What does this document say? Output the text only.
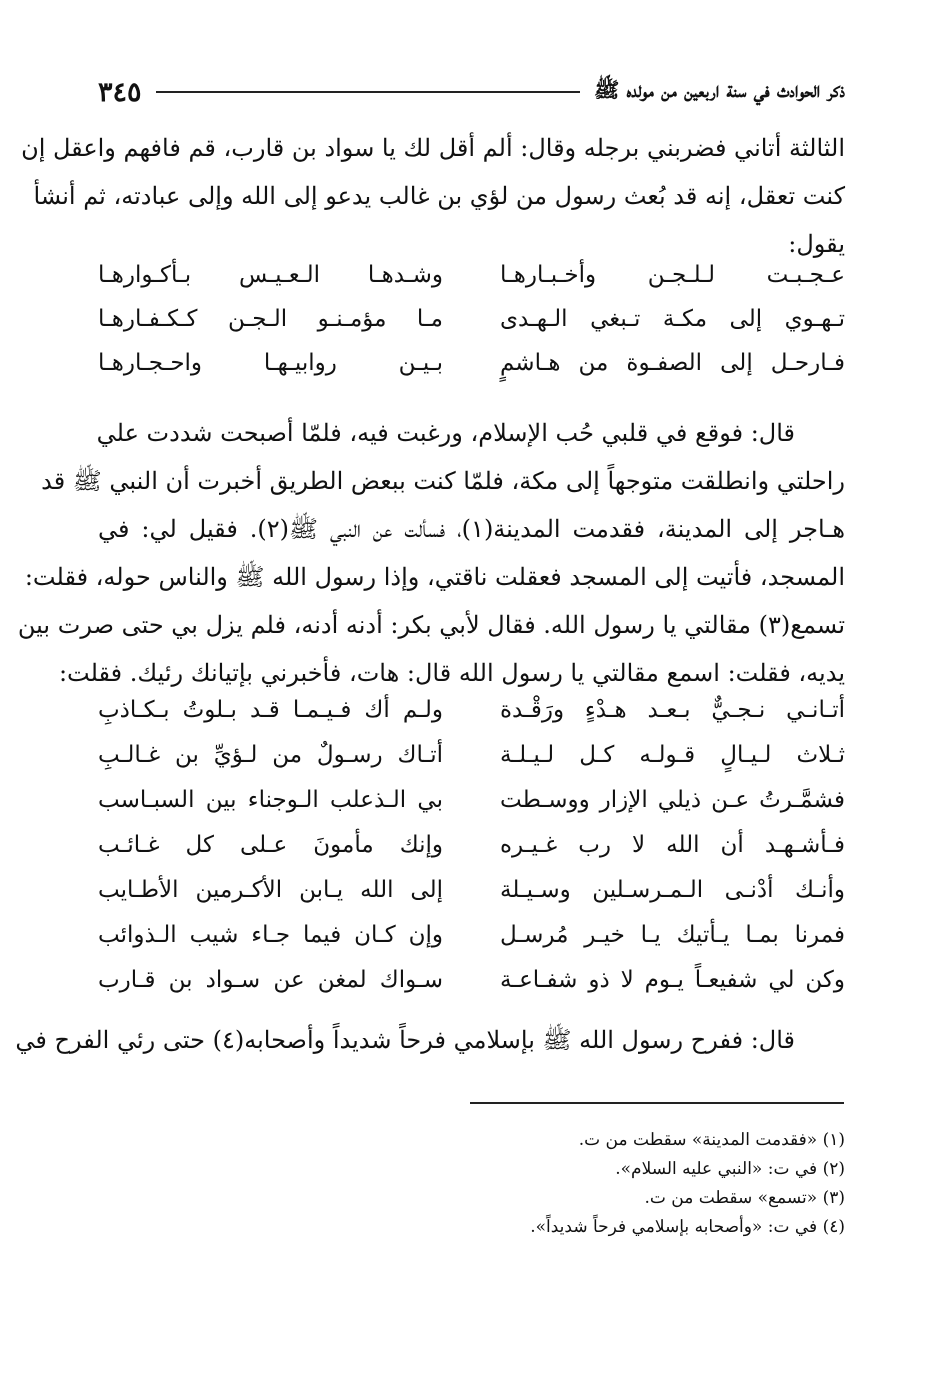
ذكر الحوادث في سنة اربعين من مولده ﷺ
٣٤٥
الثالثة أتاني فضربني برجله وقال: ألم أقل لك يا سواد بن قارب، قم فافهم واعقل إن
كنت تعقل، إنه قد بُعث رسول من لؤي بن غالب يدعو إلى الله وإلى عبادته، ثم أنشأ
يقول:
عـجـبـت لـلـجـن وأخـبـارهـا
وشـدهـا الـعـيـس بـأكـوارهـا
تـهـوي إلى مكـة تـبغي الـهـدى
مـا مؤمـنـو الـجـن كـكـفـارهـا
فـارحـل إلى الصفـوة من هـاشمٍ
بـيـن روابيـهـا واحـجـارهـا
قال: فوقع في قلبي حُب الإسلام، ورغبت فيه، فلمّا أصبحت شددت علي
راحلتي وانطلقت متوجهاً إلى مكة، فلمّا كنت ببعض الطريق أخبرت أن النبي ﷺ قد
هـاجر إلى المدينة، فقدمت المدينة(١)، فسألت عن النبي ﷺ(٢). فقيل لي: في
المسجد، فأتيت إلى المسجد فعقلت ناقتي، وإذا رسول الله ﷺ والناس حوله، فقلت:
تسمع(٣) مقالتي يا رسول الله. فقال لأبي بكر: أدنه أدنه، فلم يزل بي حتى صرت بين
يديه، فقلت: اسمع مقالتي يا رسول الله قال: هات، فأخبرني بإتيانك رئيك. فقلت:
أتـانـي نـجـيٌّ بـعـد هـدْءٍ ورَقْـدة
ولـم أك فـيـمـا قـد بـلوتُ بـكـاذبِ
ثـلاث لـيـالٍ قـولـه كـل لـيـلـة
أتـاك رسـولٌ من لـؤيِّ بن غـالـبِ
فشمَّـرتُ عـن ذيلي الإزار ووسـطت
بي الـذعلب الـوجناء بين السبـاسب
فـأشـهـد أن الله لا رب غـيـره
وإنك مأمونَ عـلى كل غـائـب
وأنـك أدْنـى الـمـرسـلين وسـيـلة
إلى الله يـابن الأكـرمين الأطـايب
فمرنا بمـا يـأتيك يـا خيـر مُرسـل
وإن كـان فيما جـاء شيب الـذوائب
وكن لي شفيعـاً يـوم لا ذو شفـاعـة
سـواك لمغن عن سـواد بن قـارب
قال: ففرح رسول الله ﷺ بإسلامي فرحاً شديداً وأصحابه(٤) حتى رئي الفرح في
(١) «فقدمت المدينة» سقطت من ت.
(٢) في ت: «النبي عليه السلام».
(٣) «تسمع» سقطت من ت.
(٤) في ت: «وأصحابه بإسلامي فرحاً شديداً».
